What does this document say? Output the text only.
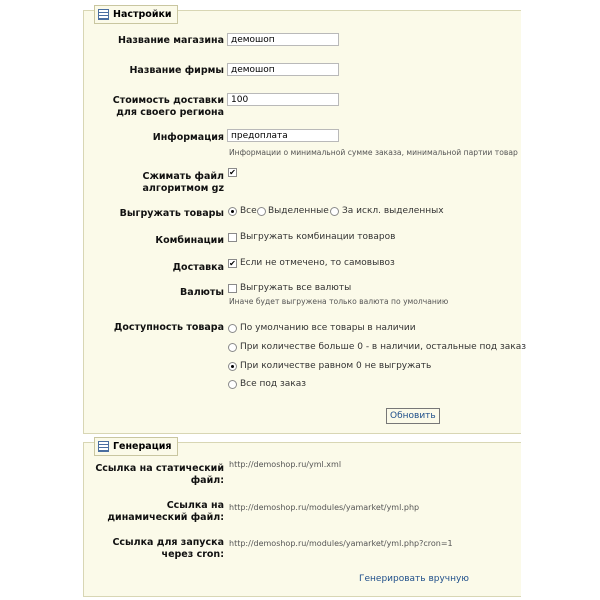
Настройки
Название магазина
демошоп
Название фирмы
демошоп
Стоимость доставки
для своего региона
100
Информация
предоплата
Информации о минимальной сумме заказа, минимальной партии товар
Сжимать файл
алгоритмом gz
✔
Выгружать товары Все Выделенные За искл. выделенных
Комбинации Выгружать комбинации товаров
Доставка ✔ Если не отмечено, то самовывоз
Валюты Выгружать все валюты
Иначе будет выгружена только валюта по умолчанию
Доступность товара По умолчанию все товары в наличии
При количестве больше 0 - в наличии, остальные под заказ
При количестве равном 0 не выгружать
Все под заказ
Обновить
Генерация
Ссылка на статический
файл:
http://demoshop.ru/yml.xml
Ссылка на
динамический файл:
http://demoshop.ru/modules/yamarket/yml.php
Ссылка для запуска
через cron:
http://demoshop.ru/modules/yamarket/yml.php?cron=1
Генерировать вручную
